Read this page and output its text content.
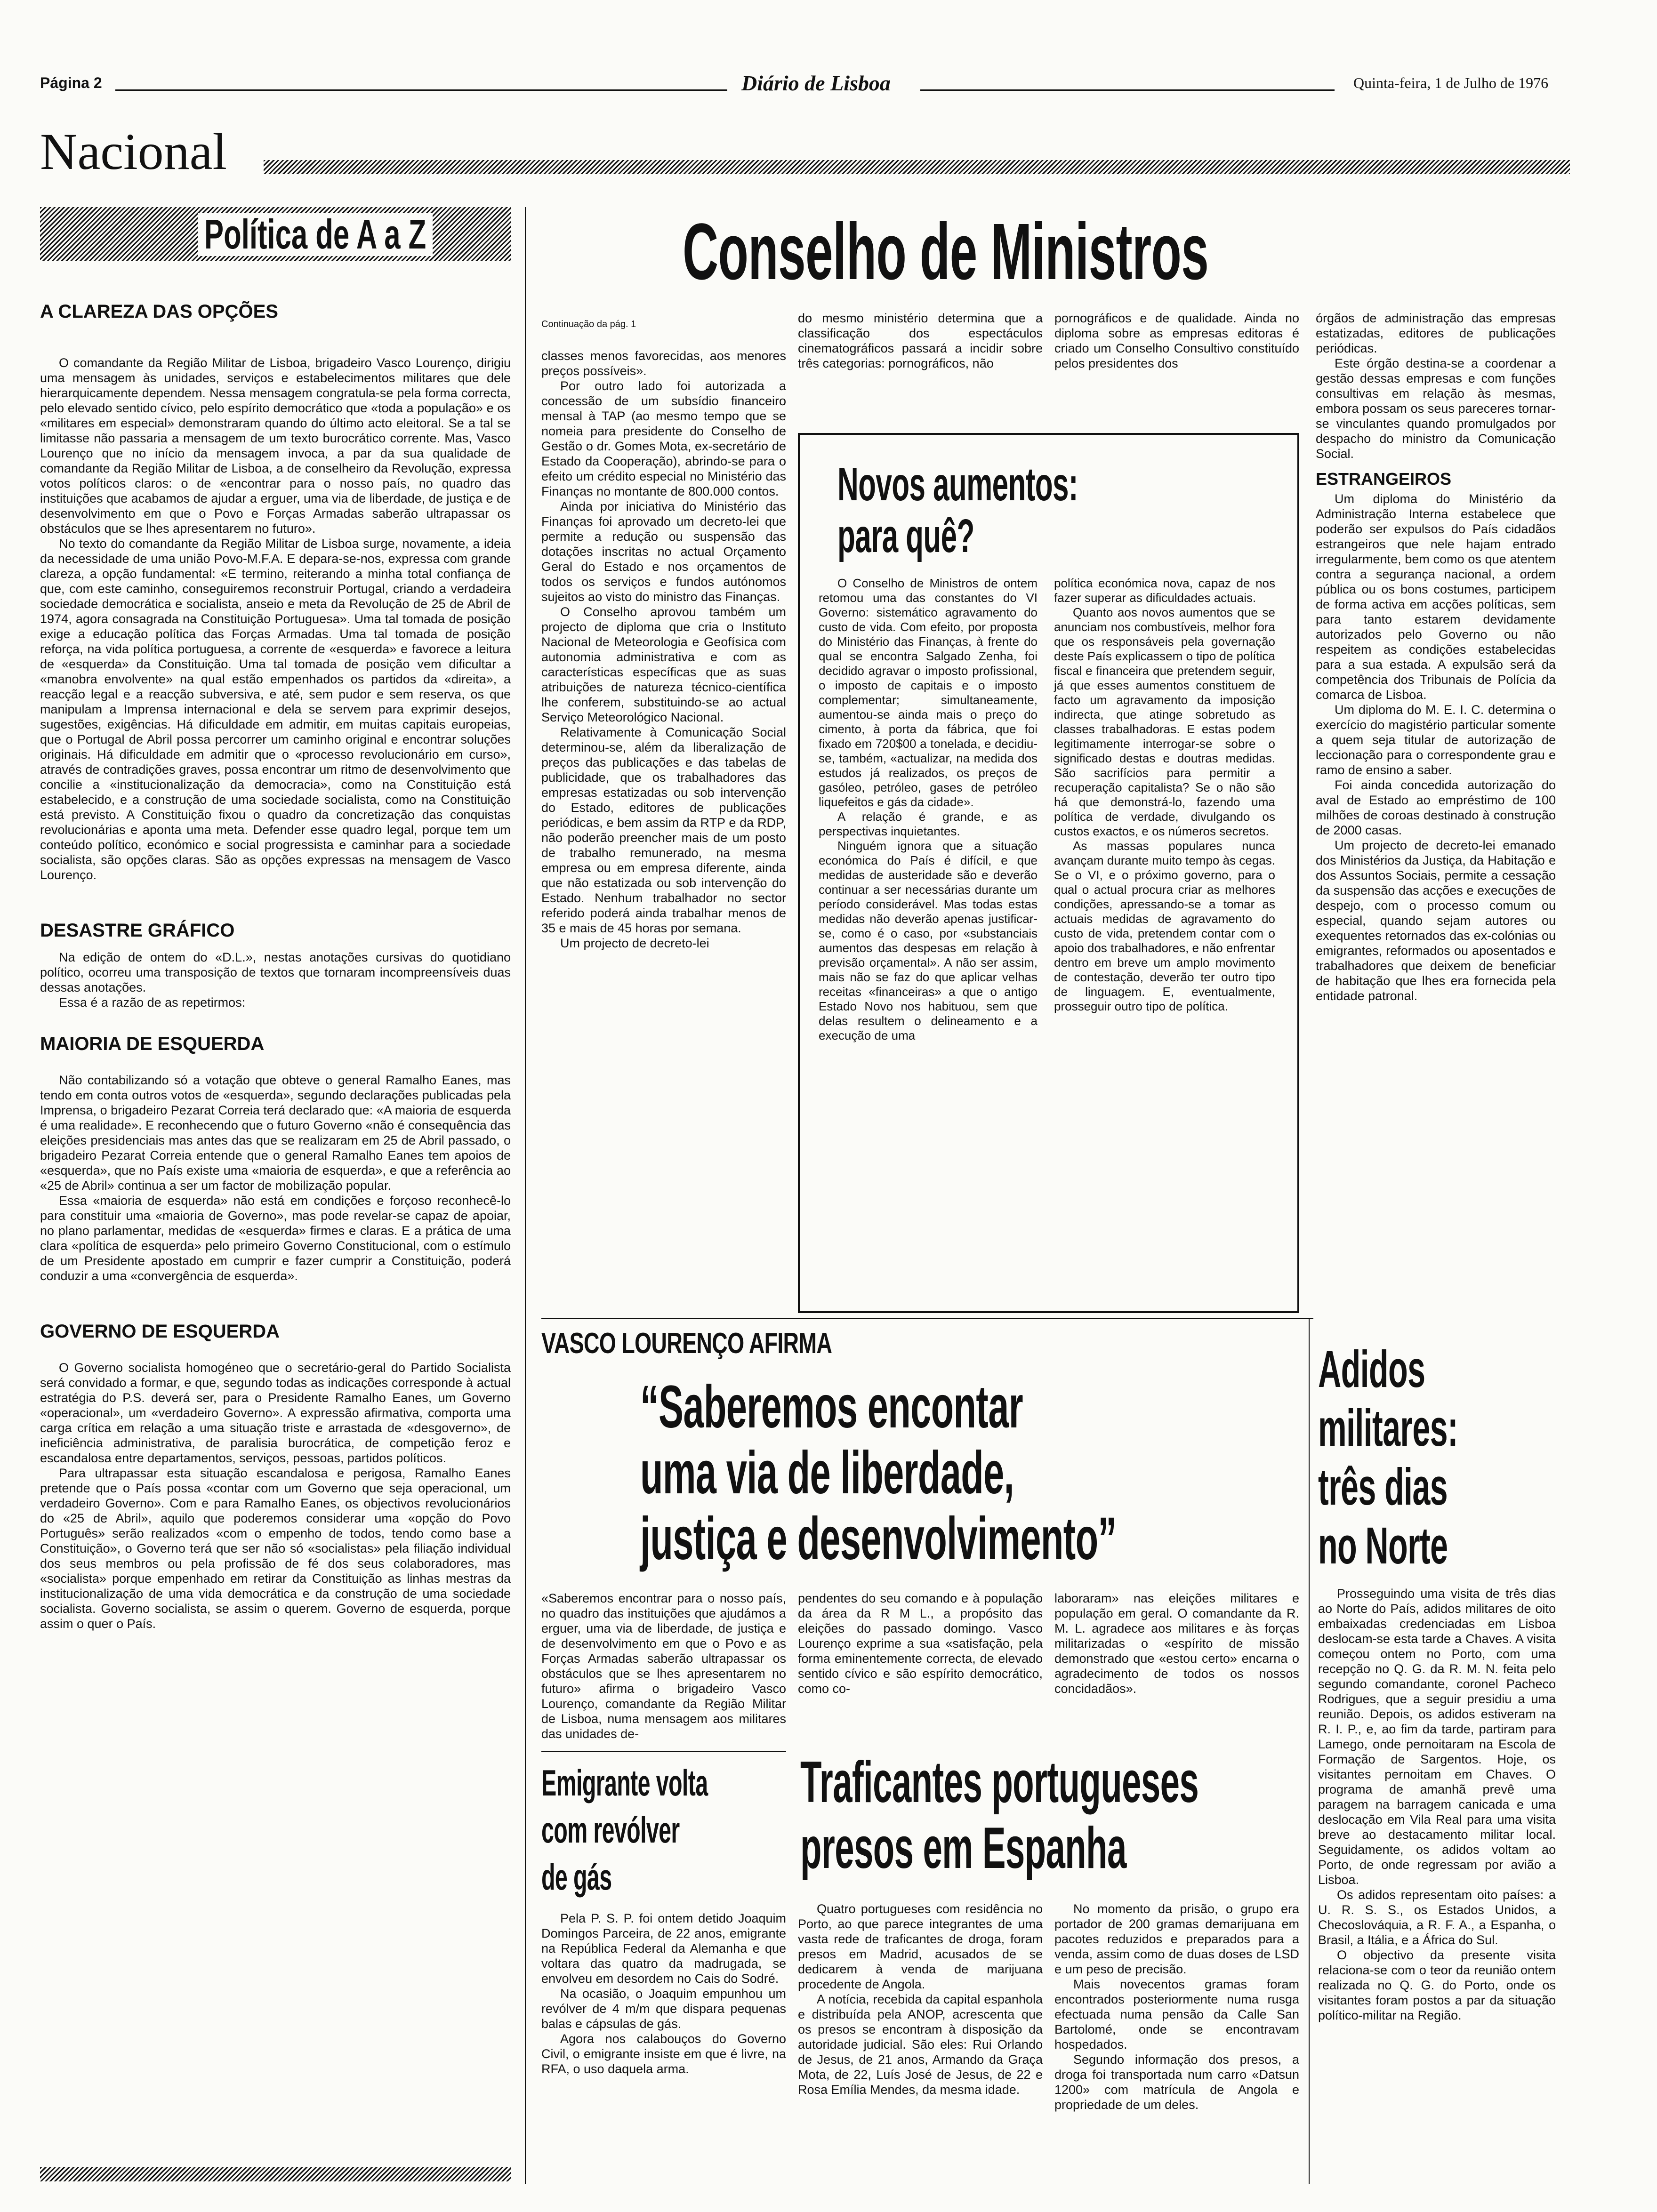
Página 2	Diário de Lisboa	Quinta-feira, 1 de Julho de 1976
Nacional
Política de A a Z
A CLAREZA DAS OPÇÕES

O comandante da Região Militar de Lisboa, brigadeiro Vasco Lourenço, dirigiu uma mensagem às unidades, serviços e estabelecimentos militares que dele hierarquicamente dependem. Nessa mensagem congratula-se pela forma correcta, pelo elevado sentido cívico, pelo espírito democrático que «toda a população» e os «militares em especial» demonstraram quando do último acto eleitoral. Se a tal se limitasse não passaria a mensagem de um texto burocrático corrente. Mas, Vasco Lourenço que no início da mensagem invoca, a par da sua qualidade de comandante da Região Militar de Lisboa, a de conselheiro da Revolução, expressa votos políticos claros: o de «encontrar para o nosso país, no quadro das instituições que acabamos de ajudar a erguer, uma via de liberdade, de justiça e de desenvolvimento em que o Povo e Forças Armadas saberão ultrapassar os obstáculos que se lhes apresentarem no futuro».

No texto do comandante da Região Militar de Lisboa surge, novamente, a ideia da necessidade de uma união Povo-M.F.A. E depara-se-nos, expressa com grande clareza, a opção fundamental: «E termino, reiterando a minha total confiança de que, com este caminho, conseguiremos reconstruir Portugal, criando a verdadeira sociedade democrática e socialista, anseio e meta da Revolução de 25 de Abril de 1974, agora consagrada na Constituição Portuguesa». Uma tal tomada de posição exige a educação política das Forças Armadas. Uma tal tomada de posição reforça, na vida política portuguesa, a corrente de «esquerda» e favorece a leitura de «esquerda» da Constituição. Uma tal tomada de posição vem dificultar a «manobra envolvente» na qual estão empenhados os partidos da «direita», a reacção legal e a reacção subversiva, e até, sem pudor e sem reserva, os que manipulam a Imprensa internacional e dela se servem para exprimir desejos, sugestões, exigências. Há dificuldade em admitir, em muitas capitais europeias, que o Portugal de Abril possa percorrer um caminho original e encontrar soluções originais. Há dificuldade em admitir que o «processo revolucionário em curso», através de contradições graves, possa encontrar um ritmo de desenvolvimento que concilie a «institucionalização da democracia», como na Constituição está estabelecido, e a construção de uma sociedade socialista, como na Constituição está previsto. A Constituição fixou o quadro da concretização das conquistas revolucionárias e aponta uma meta. Defender esse quadro legal, porque tem um conteúdo político, económico e social progressista e caminhar para a sociedade socialista, são opções claras. São as opções expressas na mensagem de Vasco Lourenço.

DESASTRE GRÁFICO

Na edição de ontem do «D.L.», nestas anotações cursivas do quotidiano político, ocorreu uma transposição de textos que tornaram incompreensíveis duas dessas anotações.

Essa é a razão de as repetirmos:

MAIORIA DE ESQUERDA

Não contabilizando só a votação que obteve o general Ramalho Eanes, mas tendo em conta outros votos de «esquerda», segundo declarações publicadas pela Imprensa, o brigadeiro Pezarat Correia terá declarado que: «A maioria de esquerda é uma realidade». E reconhecendo que o futuro Governo «não é consequência das eleições presidenciais mas antes das que se realizaram em 25 de Abril passado, o brigadeiro Pezarat Correia entende que o general Ramalho Eanes tem apoios de «esquerda», que no País existe uma «maioria de esquerda», e que a referência ao «25 de Abril» continua a ser um factor de mobilização popular.

Essa «maioria de esquerda» não está em condições e forçoso reconhecê-lo para constituir uma «maioria de Governo», mas pode revelar-se capaz de apoiar, no plano parlamentar, medidas de «esquerda» firmes e claras. E a prática de uma clara «política de esquerda» pelo primeiro Governo Constitucional, com o estímulo de um Presidente apostado em cumprir e fazer cumprir a Constituição, poderá conduzir a uma «convergência de esquerda».

GOVERNO DE ESQUERDA

O Governo socialista homogéneo que o secretário-geral do Partido Socialista será convidado a formar, e que, segundo todas as indicações corresponde à actual estratégia do P.S. deverá ser, para o Presidente Ramalho Eanes, um Governo «operacional», um «verdadeiro Governo». A expressão afirmativa, comporta uma carga crítica em relação a uma situação triste e arrastada de «desgoverno», de ineficiência administrativa, de paralisia burocrática, de competição feroz e escandalosa entre departamentos, serviços, pessoas, partidos políticos.

Para ultrapassar esta situação escandalosa e perigosa, Ramalho Eanes pretende que o País possa «contar com um Governo que seja operacional, um verdadeiro Governo». Com e para Ramalho Eanes, os objectivos revolucionários do «25 de Abril», aquilo que poderemos considerar uma «opção do Povo Português» serão realizados «com o empenho de todos, tendo como base a Constituição», o Governo terá que ser não só «socialistas» pela filiação individual dos seus membros ou pela profissão de fé dos seus colaboradores, mas «socialista» porque empenhado em retirar da Constituição as linhas mestras da institucionalização de uma vida democrática e da construção de uma sociedade socialista. Governo socialista, se assim o querem. Governo de esquerda, porque assim o quer o País.

Conselho de Ministros
Continuação da pág. 1

classes menos favorecidas, aos menores preços possíveis».

Por outro lado foi autorizada a concessão de um subsídio financeiro mensal à TAP (ao mesmo tempo que se nomeia para presidente do Conselho de Gestão o dr. Gomes Mota, ex-secretário de Estado da Cooperação), abrindo-se para o efeito um crédito especial no Ministério das Finanças no montante de 800.000 contos.

Ainda por iniciativa do Ministério das Finanças foi aprovado um decreto-lei que permite a redução ou suspensão das dotações inscritas no actual Orçamento Geral do Estado e nos orçamentos de todos os serviços e fundos autónomos sujeitos ao visto do ministro das Finanças.

O Conselho aprovou também um projecto de diploma que cria o Instituto Nacional de Meteorologia e Geofísica com autonomia administrativa e com as características específicas que as suas atribuições de natureza técnico-científica lhe conferem, substituindo-se ao actual Serviço Meteorológico Nacional.

Relativamente à Comunicação Social determinou-se, além da liberalização de preços das publicações e das tabelas de publicidade, que os trabalhadores das empresas estatizadas ou sob intervenção do Estado, editores de publicações periódicas, e bem assim da RTP e da RDP, não poderão preencher mais de um posto de trabalho remunerado, na mesma empresa ou em empresa diferente, ainda que não estatizada ou sob intervenção do Estado. Nenhum trabalhador no sector referido poderá ainda trabalhar menos de 35 e mais de 45 horas por semana.

Um projecto de decreto-lei

do mesmo ministério determina que a classificação dos espectáculos cinematográficos passará a incidir sobre três categorias: pornográficos, não

pornográficos e de qualidade. Ainda no diploma sobre as empresas editoras é criado um Conselho Consultivo constituído pelos presidentes dos

órgãos de administração das empresas estatizadas, editores de publicações periódicas.

Este órgão destina-se a coordenar a gestão dessas empresas e com funções consultivas em relação às mesmas, embora possam os seus pareceres tornar-se vinculantes quando promulgados por despacho do ministro da Comunicação Social.

ESTRANGEIROS

Um diploma do Ministério da Administração Interna estabelece que poderão ser expulsos do País cidadãos estrangeiros que nele hajam entrado irregularmente, bem como os que atentem contra a segurança nacional, a ordem pública ou os bons costumes, participem de forma activa em acções políticas, sem para tanto estarem devidamente autorizados pelo Governo ou não respeitem as condições estabelecidas para a sua estada. A expulsão será da competência dos Tribunais de Polícia da comarca de Lisboa.

Um diploma do M. E. I. C. determina o exercício do magistério particular somente a quem seja titular de autorização de leccionação para o correspondente grau e ramo de ensino a saber.

Foi ainda concedida autorização do aval de Estado ao empréstimo de 100 milhões de coroas destinado à construção de 2000 casas.

Um projecto de decreto-lei emanado dos Ministérios da Justiça, da Habitação e dos Assuntos Sociais, permite a cessação da suspensão das acções e execuções de despejo, com o processo comum ou especial, quando sejam autores ou exequentes retornados das ex-colónias ou emigrantes, reformados ou aposentados e trabalhadores que deixem de beneficiar de habitação que lhes era fornecida pela entidade patronal.

Novos aumentos:
para quê?

O Conselho de Ministros de ontem retomou uma das constantes do VI Governo: sistemático agravamento do custo de vida. Com efeito, por proposta do Ministério das Finanças, à frente do qual se encontra Salgado Zenha, foi decidido agravar o imposto profissional, o imposto de capitais e o imposto complementar; simultaneamente, aumentou-se ainda mais o preço do cimento, à porta da fábrica, que foi fixado em 720$00 a tonelada, e decidiu-se, também, «actualizar, na medida dos estudos já realizados, os preços de gasóleo, petróleo, gases de petróleo liquefeitos e gás da cidade».

A relação é grande, e as perspectivas inquietantes.

Ninguém ignora que a situação económica do País é difícil, e que medidas de austeridade são e deverão continuar a ser necessárias durante um período considerável. Mas todas estas medidas não deverão apenas justificar-se, como é o caso, por «substanciais aumentos das despesas em relação à previsão orçamental». A não ser assim, mais não se faz do que aplicar velhas receitas «financeiras» a que o antigo Estado Novo nos habituou, sem que delas resultem o delineamento e a execução de uma

política económica nova, capaz de nos fazer superar as dificuldades actuais.

Quanto aos novos aumentos que se anunciam nos combustíveis, melhor fora que os responsáveis pela governação deste País explicassem o tipo de política fiscal e financeira que pretendem seguir, já que esses aumentos constituem de facto um agravamento da imposição indirecta, que atinge sobretudo as classes trabalhadoras. E estas podem legitimamente interrogar-se sobre o significado destas e doutras medidas. São sacrifícios para permitir a recuperação capitalista? Se o não são há que demonstrá-lo, fazendo uma política de verdade, divulgando os custos exactos, e os números secretos.

As massas populares nunca avançam durante muito tempo às cegas. Se o VI, e o próximo governo, para o qual o actual procura criar as melhores condições, apressando-se a tomar as actuais medidas de agravamento do custo de vida, pretendem contar com o apoio dos trabalhadores, e não enfrentar dentro em breve um amplo movimento de contestação, deverão ter outro tipo de linguagem. E, eventualmente, prosseguir outro tipo de política.

VASCO LOURENÇO AFIRMA
“Saberemos encontar
uma via de liberdade,
justiça e desenvolvimento”

«Saberemos encontrar para o nosso país, no quadro das instituições que ajudámos a erguer, uma via de liberdade, de justiça e de desenvolvimento em que o Povo e as Forças Armadas saberão ultrapassar os obstáculos que se lhes apresentarem no futuro» afirma o brigadeiro Vasco Lourenço, comandante da Região Militar de Lisboa, numa mensagem aos militares das unidades de-

pendentes do seu comando e à população da área da R M L., a propósito das eleições do passado domingo. Vasco Lourenço exprime a sua «satisfação, pela forma eminentemente correcta, de elevado sentido cívico e são espírito democrático, como co-

laboraram» nas eleições militares e população em geral. O comandante da R. M. L. agradece aos militares e às forças militarizadas o «espírito de missão demonstrado que «estou certo» encarna o agradecimento de todos os nossos concidadãos».

Adidos
militares:
três dias
no Norte

Prosseguindo uma visita de três dias ao Norte do País, adidos militares de oito embaixadas credenciadas em Lisboa deslocam-se esta tarde a Chaves. A visita começou ontem no Porto, com uma recepção no Q. G. da R. M. N. feita pelo segundo comandante, coronel Pacheco Rodrigues, que a seguir presidiu a uma reunião. Depois, os adidos estiveram na R. I. P., e, ao fim da tarde, partiram para Lamego, onde pernoitaram na Escola de Formação de Sargentos. Hoje, os visitantes pernoitam em Chaves. O programa de amanhã prevê uma paragem na barragem canicada e uma deslocação em Vila Real para uma visita breve ao destacamento militar local. Seguidamente, os adidos voltam ao Porto, de onde regressam por avião a Lisboa.

Os adidos representam oito países: a U. R. S. S., os Estados Unidos, a Checoslováquia, a R. F. A., a Espanha, o Brasil, a Itália, e a África do Sul.

O objectivo da presente visita relaciona-se com o teor da reunião ontem realizada no Q. G. do Porto, onde os visitantes foram postos a par da situação político-militar na Região.

Emigrante volta
com revólver
de gás

Pela P. S. P. foi ontem detido Joaquim Domingos Parceira, de 22 anos, emigrante na República Federal da Alemanha e que voltara das quatro da madrugada, se envolveu em desordem no Cais do Sodré.

Na ocasião, o Joaquim empunhou um revólver de 4 m/m que dispara pequenas balas e cápsulas de gás.

Agora nos calabouços do Governo Civil, o emigrante insiste em que é livre, na RFA, o uso daquela arma.

Traficantes portugueses
presos em Espanha

Quatro portugueses com residência no Porto, ao que parece integrantes de uma vasta rede de traficantes de droga, foram presos em Madrid, acusados de se dedicarem à venda de marijuana procedente de Angola.

A notícia, recebida da capital espanhola e distribuída pela ANOP, acrescenta que os presos se encontram à disposição da autoridade judicial. São eles: Rui Orlando de Jesus, de 21 anos, Armando da Graça Mota, de 22, Luís José de Jesus, de 22 e Rosa Emília Mendes, da mesma idade.

No momento da prisão, o grupo era portador de 200 gramas demarijuana em pacotes reduzidos e preparados para a venda, assim como de duas doses de LSD e um peso de precisão.

Mais novecentos gramas foram encontrados posteriormente numa rusga efectuada numa pensão da Calle San Bartolomé, onde se encontravam hospedados.

Segundo informação dos presos, a droga foi transportada num carro «Datsun 1200» com matrícula de Angola e propriedade de um deles.
